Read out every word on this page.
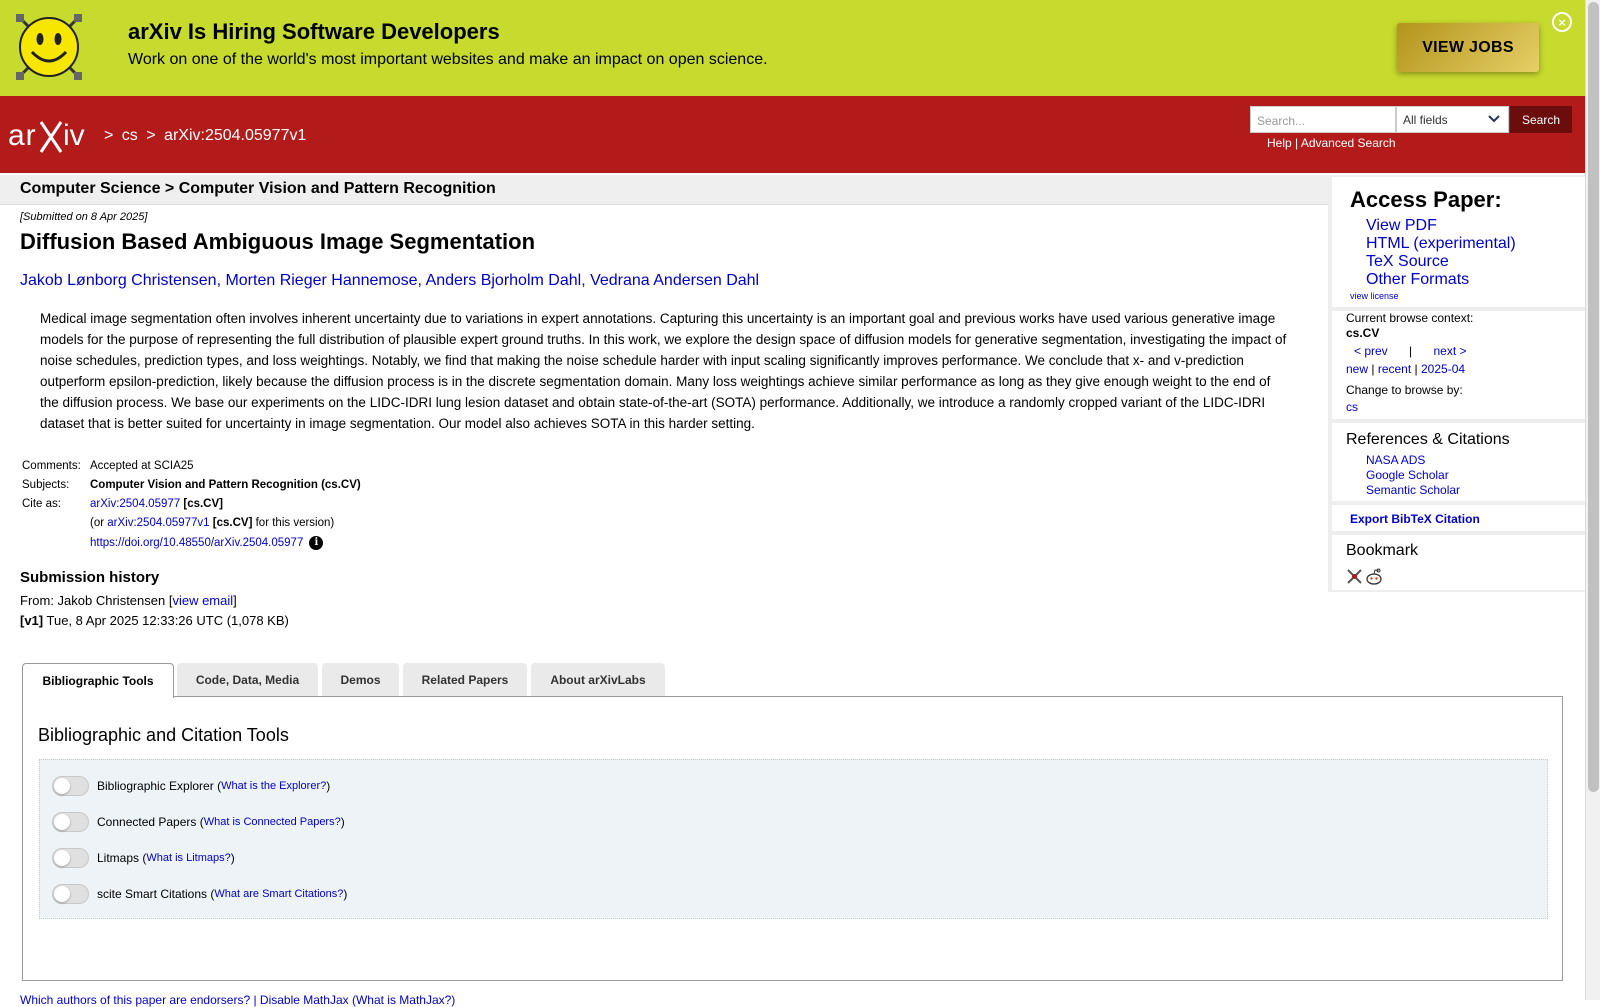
arXiv Is Hiring Software Developers
Work on one of the world's most important websites and make an impact on open science.
VIEW JOBS
×
ar iv > cs > arXiv:2504.05977v1
Search...	All fields	Search
Help | Advanced Search
Computer Science > Computer Vision and Pattern Recognition
[Submitted on 8 Apr 2025]
Diffusion Based Ambiguous Image Segmentation
Jakob Lønborg Christensen, Morten Rieger Hannemose, Anders Bjorholm Dahl, Vedrana Andersen Dahl
Medical image segmentation often involves inherent uncertainty due to variations in expert annotations. Capturing this uncertainty is an important goal and previous works have used various generative image models for the purpose of representing the full distribution of plausible expert ground truths. In this work, we explore the design space of diffusion models for generative segmentation, investigating the impact of noise schedules, prediction types, and loss weightings. Notably, we find that making the noise schedule harder with input scaling significantly improves performance. We conclude that x- and v-prediction outperform epsilon-prediction, likely because the diffusion process is in the discrete segmentation domain. Many loss weightings achieve similar performance as long as they give enough weight to the end of the diffusion process. We base our experiments on the LIDC-IDRI lung lesion dataset and obtain state-of-the-art (SOTA) performance. Additionally, we introduce a randomly cropped variant of the LIDC-IDRI dataset that is better suited for uncertainty in image segmentation. Our model also achieves SOTA in this harder setting.
Comments: Accepted at SCIA25
Subjects:	Computer Vision and Pattern Recognition (cs.CV)
Cite as:	arXiv:2504.05977 [cs.CV]
(or arXiv:2504.05977v1 [cs.CV] for this version)
https://doi.org/10.48550/arXiv.2504.05977 i
Submission history
From: Jakob Christensen [view email]
[v1] Tue, 8 Apr 2025 12:33:26 UTC (1,078 KB)
Access Paper:
View PDF
HTML (experimental)
TeX Source
Other Formats
view license
Current browse context:
cs.CV
< prev | next >
new | recent | 2025-04
Change to browse by:
cs
References & Citations
NASA ADS
Google Scholar
Semantic Scholar
Export BibTeX Citation
Bookmark
Bibliographic Tools	Code, Data, Media	Demos	Related Papers	About arXivLabs
Bibliographic and Citation Tools
Bibliographic Explorer ( What is the Explorer? )
Connected Papers ( What is Connected Papers? )
Litmaps ( What is Litmaps? )
scite Smart Citations ( What are Smart Citations? )
Which authors of this paper are endorsers? | Disable MathJax (What is MathJax?)
